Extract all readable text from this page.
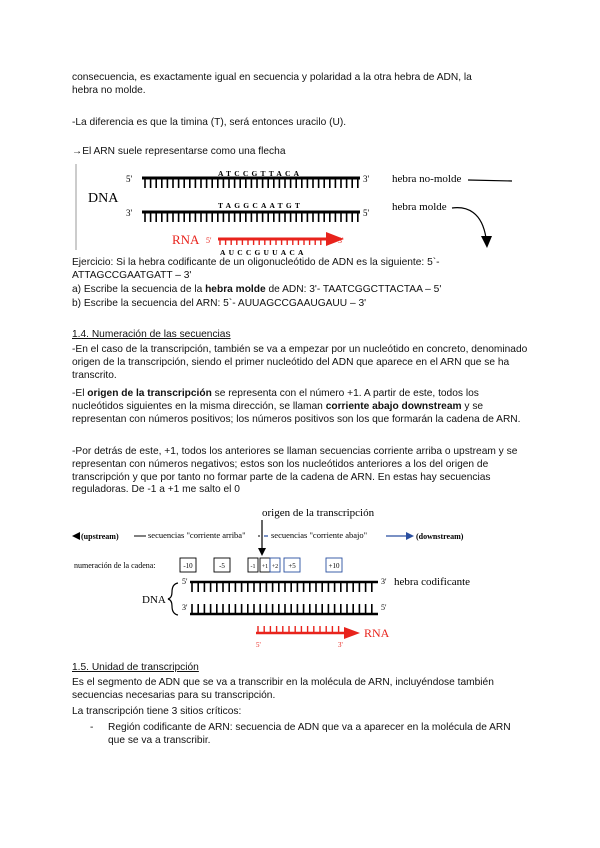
consecuencia, es exactamente igual en secuencia y polaridad a la otra hebra de ADN, la

hebra no molde.

-La diferencia es que la timina (T), será entonces uracilo (U).

→El ARN suele representarse como una flecha

DNA
5'
ATCCGTTACA
3' hebra no-molde
3'
TAGGCAATGT
5' hebra molde
RNA 5'	3'
AUCCGUUACA

Ejercicio: Si la hebra codificante de un oligonucleótido de ADN es la siguiente: 5`-

ATTAGCCGAATGATT – 3'

a) Escribe la secuencia de la hebra molde de ADN: 3'- TAATCGGCTTACTAA – 5'

b) Escribe la secuencia del ARN: 5`- AUUAGCCGAAUGAUU – 3'

1.4. Numeración de las secuencias

-En el caso de la transcripción, también se va a empezar por un nucleótido en concreto, denominado origen de la transcripción, siendo el primer nucleótido del ADN que aparece en el ARN que se ha transcrito.

-El origen de la transcripción se representa con el número +1. A partir de este, todos los nucleótidos siguientes en la misma dirección, se llaman corriente abajo downstream y se representan con números positivos; los números positivos son los que formarán la cadena de ARN.

-Por detrás de este, +1, todos los anteriores se llaman secuencias corriente arriba o upstream y se representan con números negativos; estos son los nucleótidos anteriores a los del origen de transcripción y que por tanto no formar parte de la cadena de ARN. En estas hay secuencias reguladoras. De -1 a +1 me salto el 0

origen de la transcripción
(upstream)	secuencias "corriente arriba"	secuencias "corriente abajo"	(downstream)
numeración de la cadena:	-10	-5	-1 +1 +2 +5	+10
DNA
5'	3' hebra codificante
3'	5'
5'	3'
RNA

1.5. Unidad de transcripción

Es el segmento de ADN que se va a transcribir en la molécula de ARN, incluyéndose también secuencias necesarias para su transcripción.

La transcripción tiene 3 sitios críticos:

- Región codificante de ARN: secuencia de ADN que va a aparecer en la molécula de ARN que se va a transcribir.
